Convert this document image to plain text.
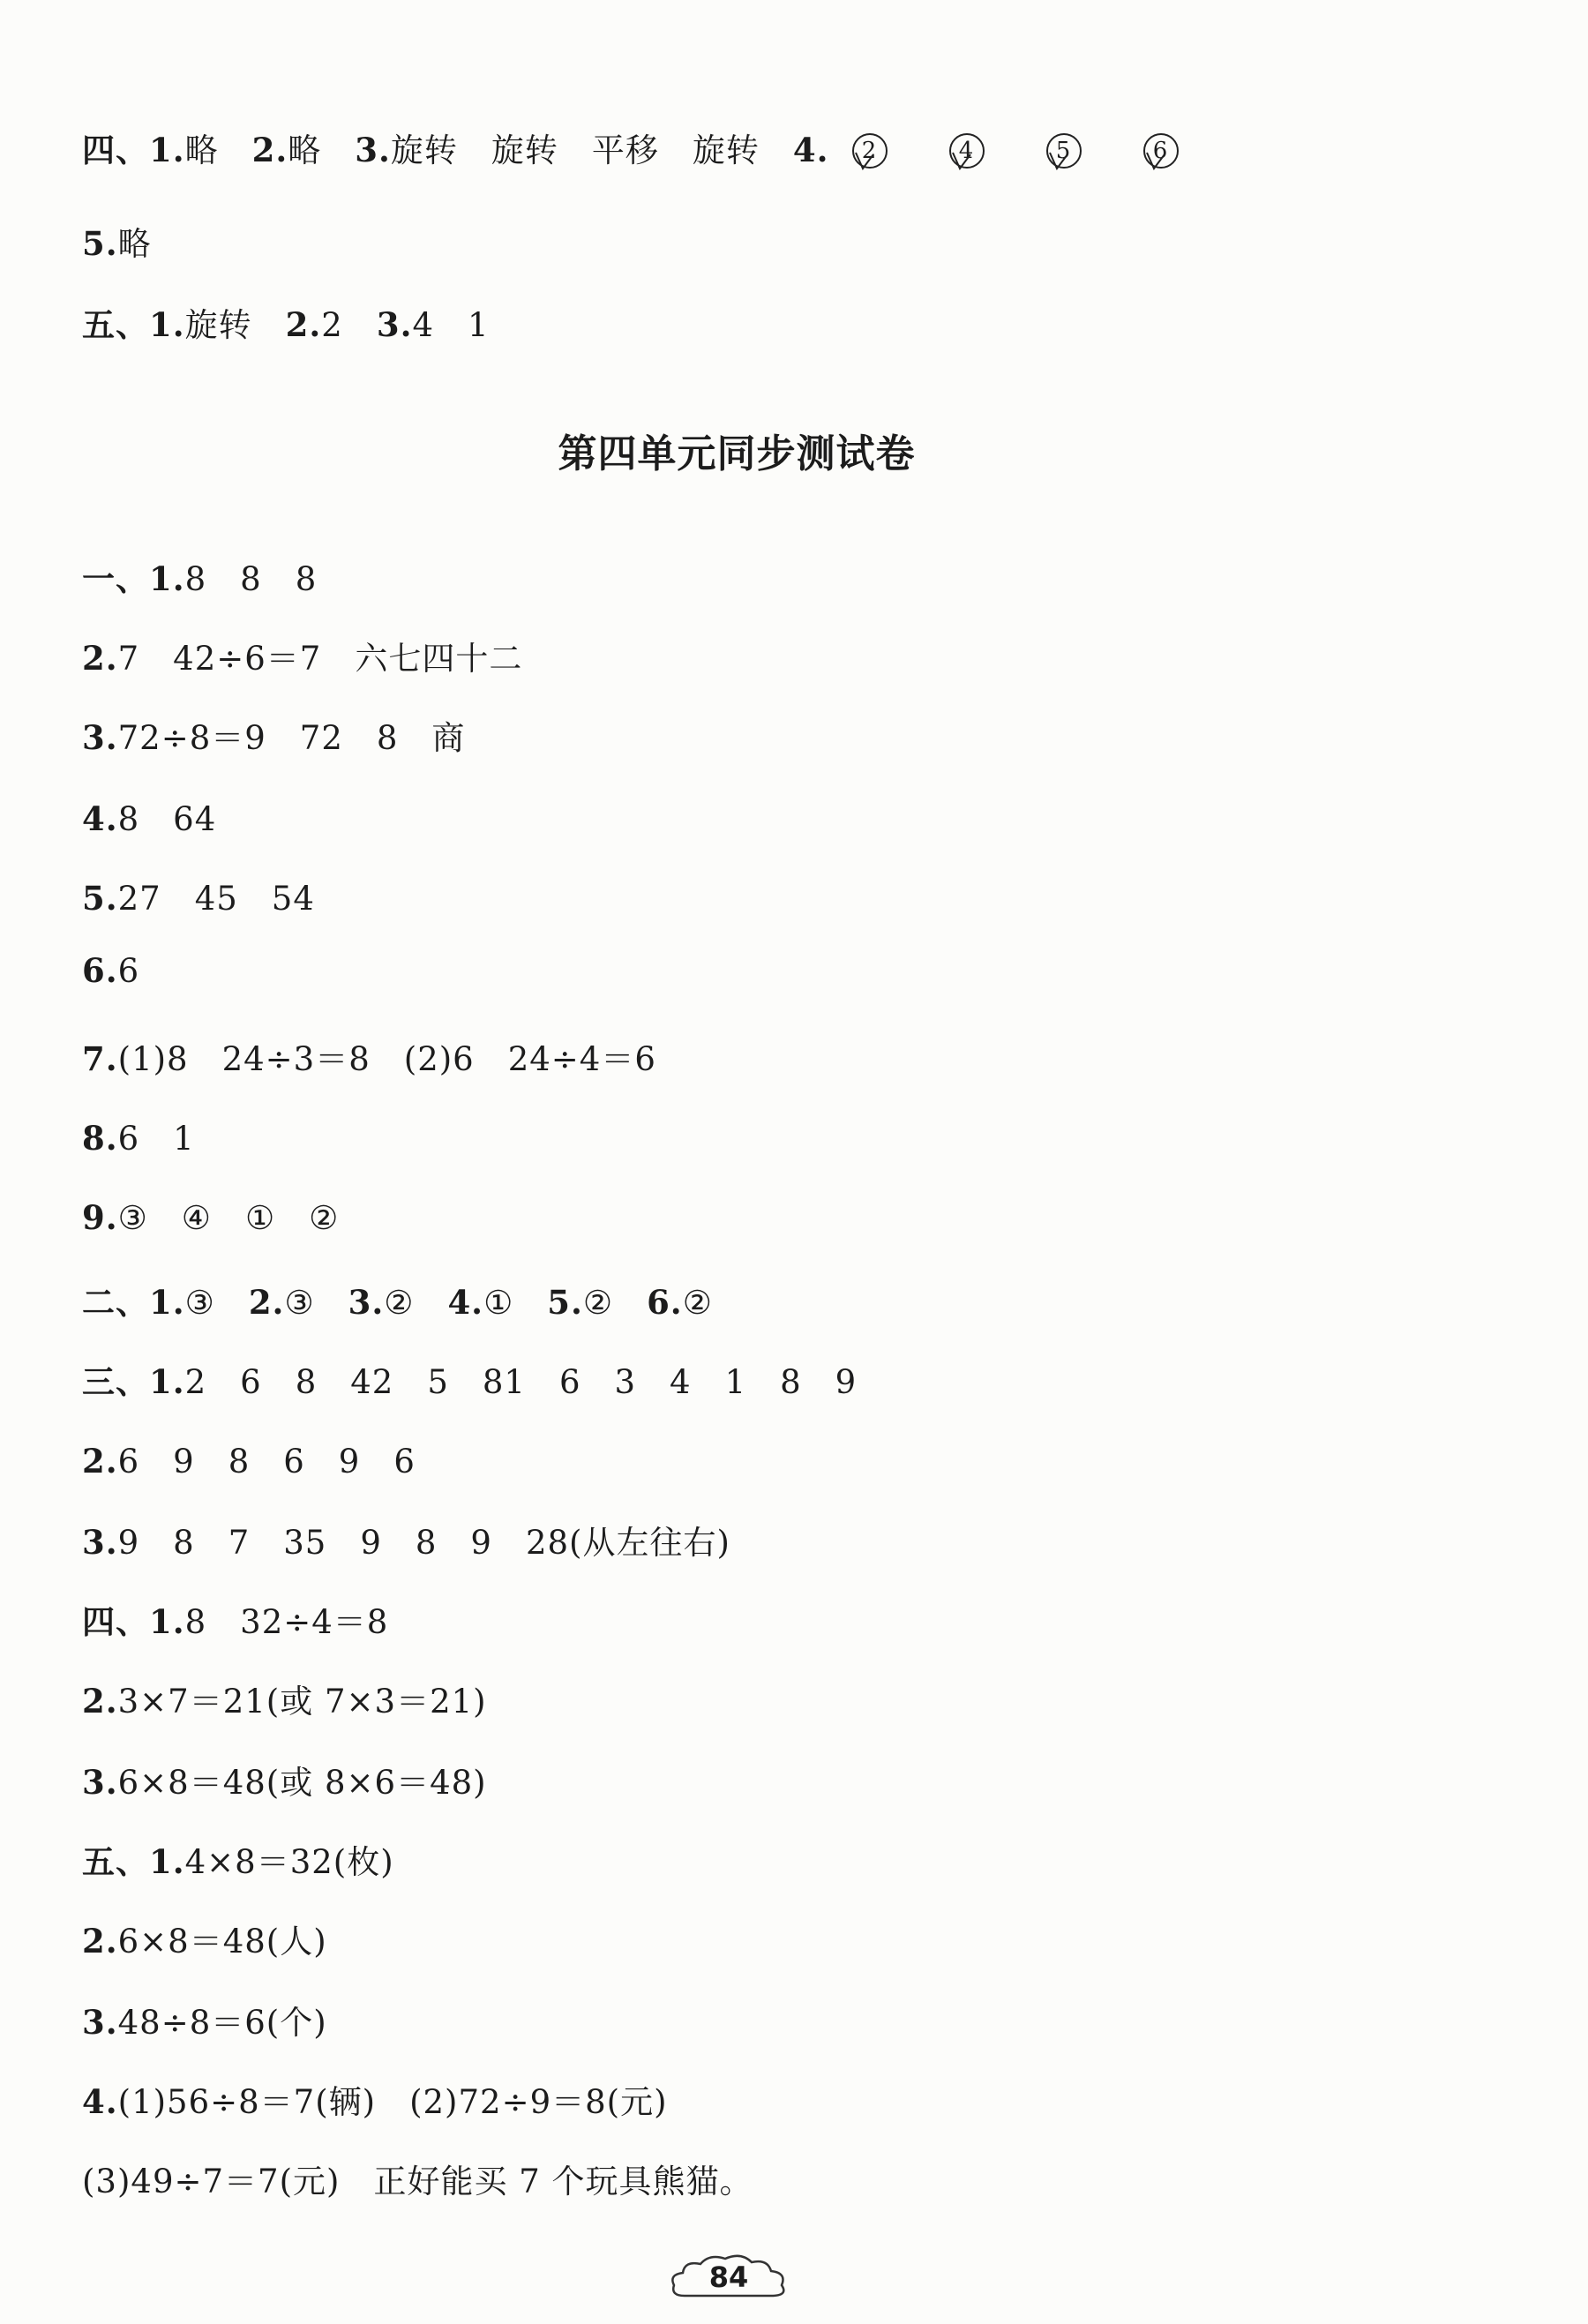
四、1.略 2.略 3.旋转 旋转 平移 旋转 4. 2	4	5	6
5.略
五、1.旋转 2.2 3.4　1
第四单元同步测试卷
一、1.8　8　8
2.7　42÷6＝7　六七四十二
3.72÷8＝9　72　8　商
4.8　64
5.27　45　54
6.6
7.(1)8　24÷3＝8　(2)6　24÷4＝6
8.6　1
9.③　④　①　②
二、1.③ 2.③ 3.② 4.① 5.② 6.②
三、1.2　6　8　42　5　81　6　3　4　1　8　9
2.6　9　8　6　9　6
3.9　8　7　35　9　8　9　28(从左往右)
四、1.8　32÷4＝8
2.3×7＝21(或 7×3＝21)
3.6×8＝48(或 8×6＝48)
五、1.4×8＝32(枚)
2.6×8＝48(人)
3.48÷8＝6(个)
4.(1)56÷8＝7(辆)　(2)72÷9＝8(元)
(3)49÷7＝7(元)　正好能买 7 个玩具熊猫。
84
